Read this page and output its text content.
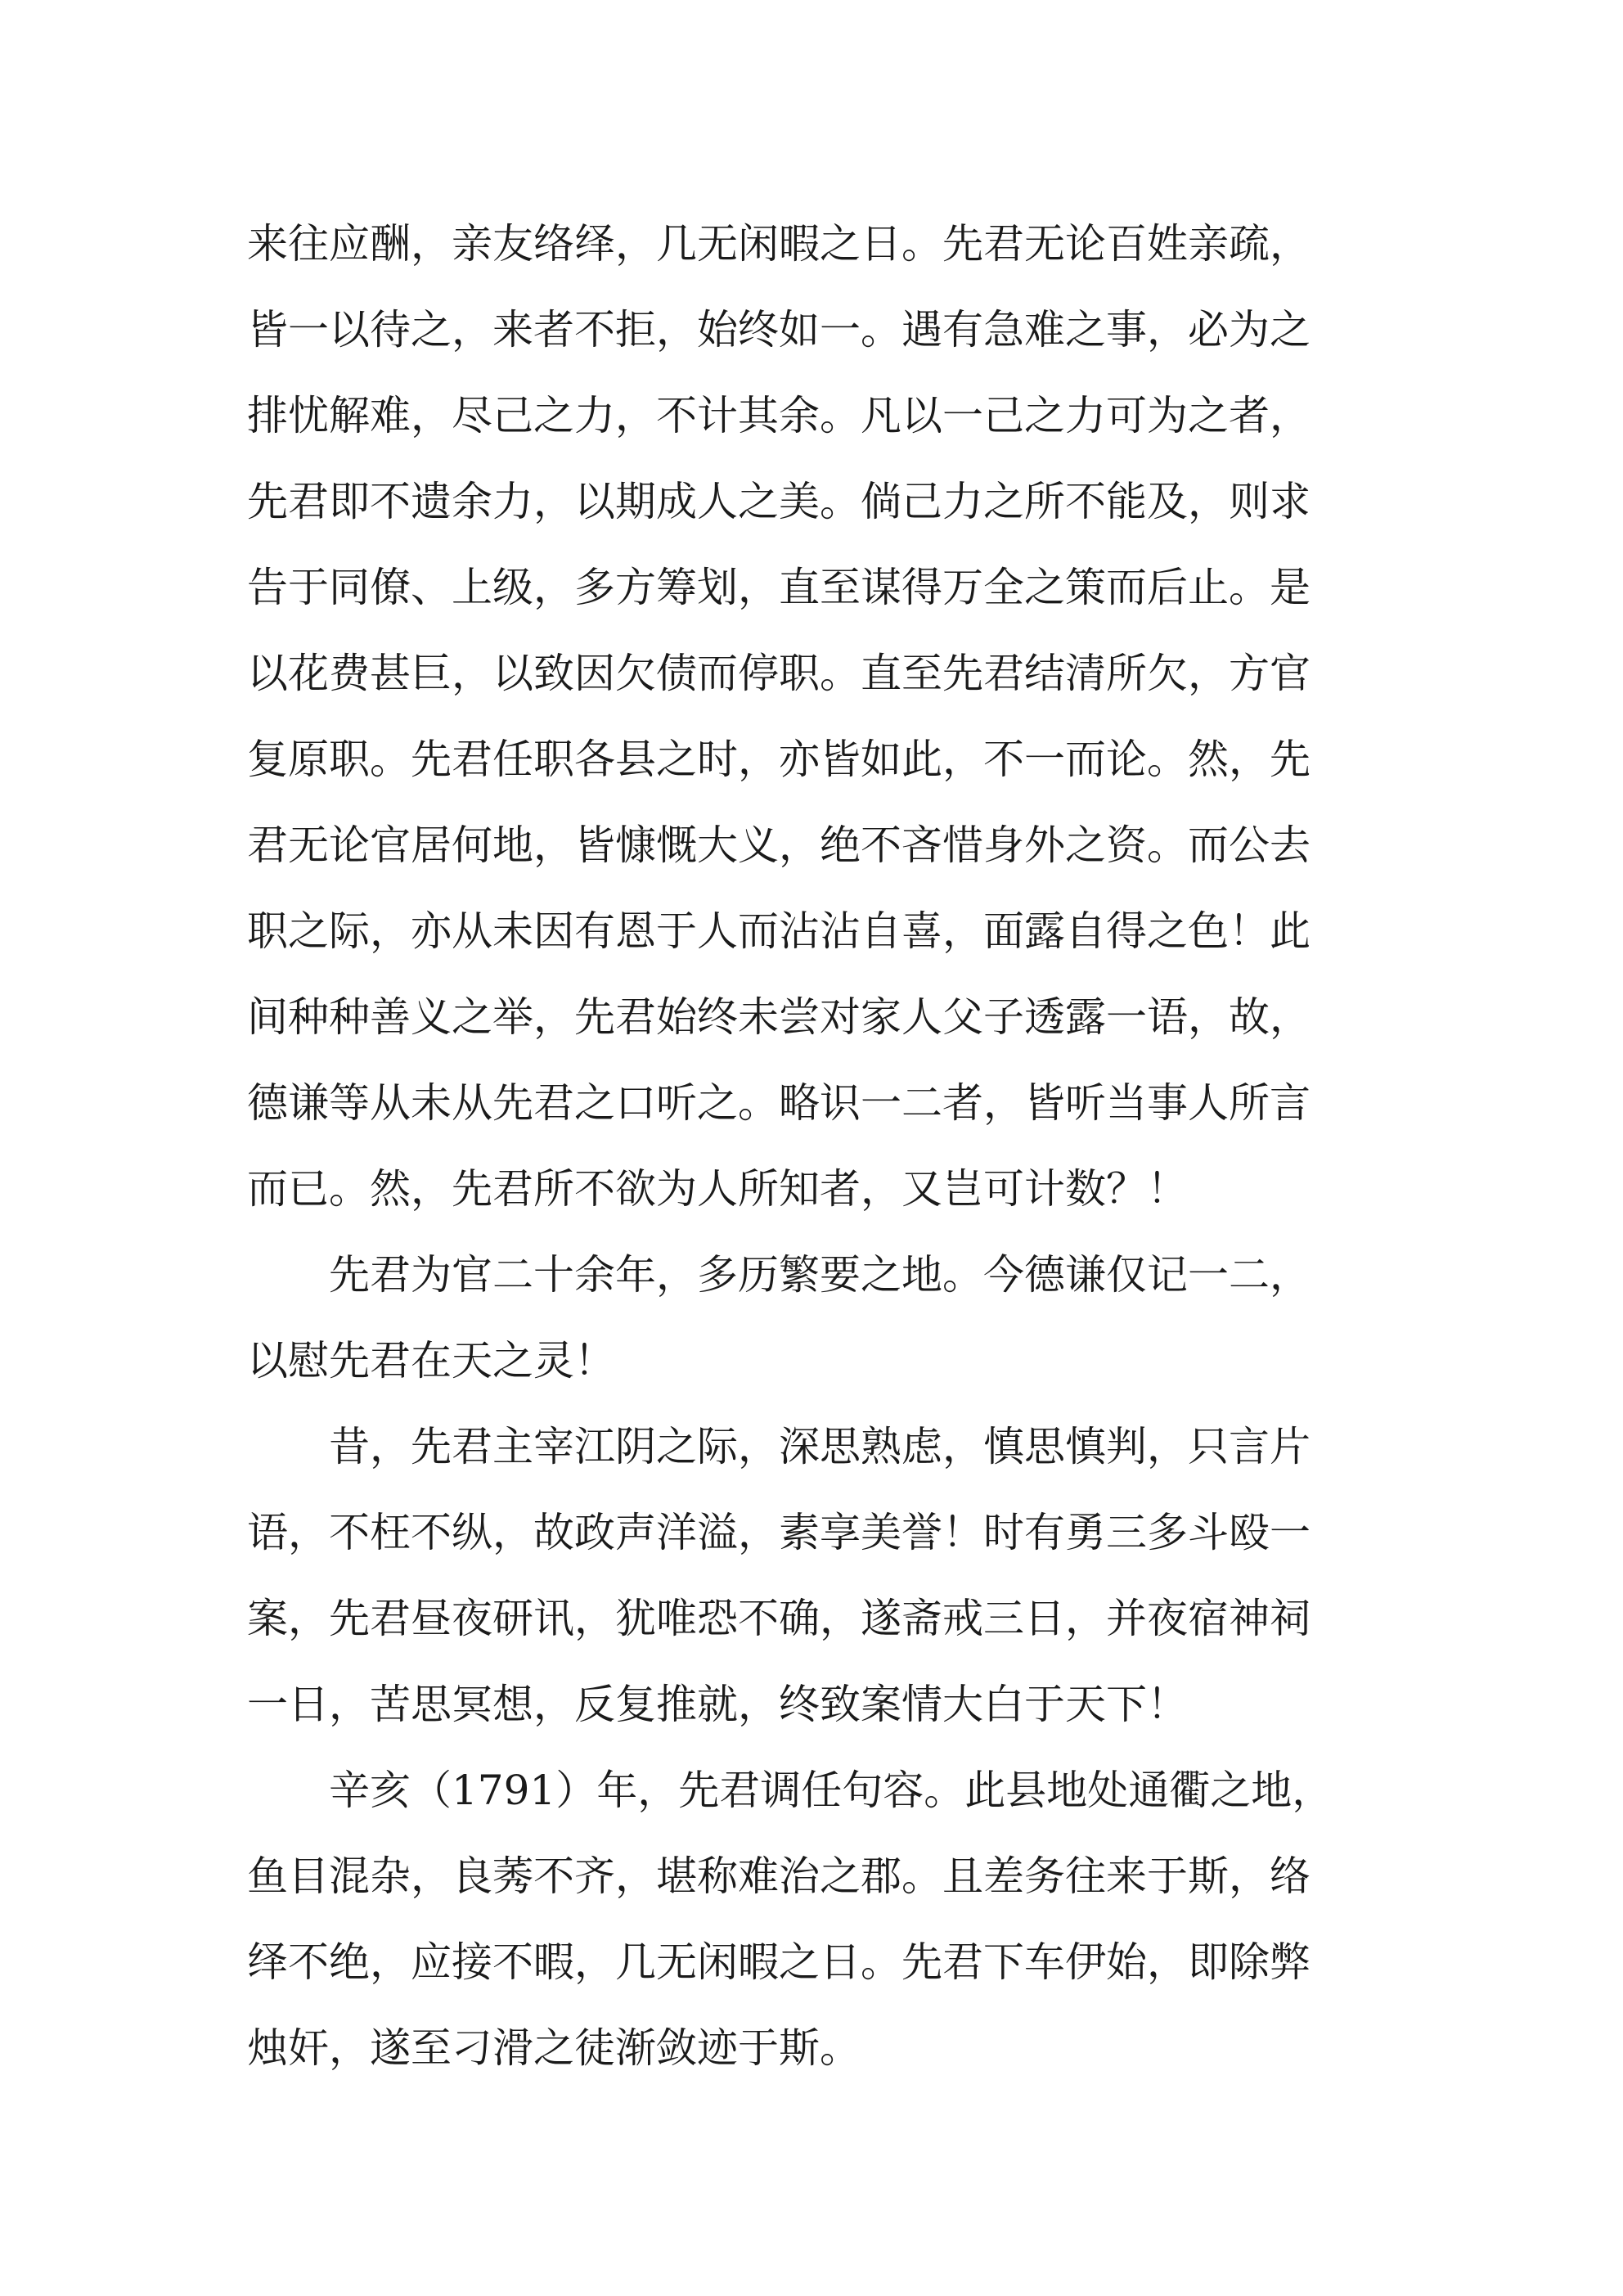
来往应酬，亲友络绎，几无闲暇之日。先君无论百姓亲疏，
皆一以待之，来者不拒，始终如一。遇有急难之事，必为之
排忧解难，尽己之力，不计其余。凡以一己之力可为之者，
先君即不遗余力，以期成人之美。倘己力之所不能及，则求
告于同僚、上级，多方筹划，直至谋得万全之策而后止。是
以花费甚巨，以致因欠债而停职。直至先君结清所欠，方官
复原职。先君任职各县之时，亦皆如此，不一而论。然，先
君无论官居何地，皆慷慨大义，绝不吝惜身外之资。而公去
职之际，亦从未因有恩于人而沾沾自喜，面露自得之色！此
间种种善义之举，先君始终未尝对家人父子透露一语，故，
德谦等从未从先君之口听之。略识一二者，皆听当事人所言
而已。然，先君所不欲为人所知者，又岂可计数？！
　　先君为官二十余年，多历繁要之地。今德谦仅记一二，
以慰先君在天之灵！
　　昔，先君主宰江阴之际，深思熟虑，慎思慎判，只言片
语，不枉不纵，故政声洋溢，素享美誉！时有勇三多斗殴一
案，先君昼夜研讯，犹唯恐不确，遂斋戒三日，并夜宿神祠
一日，苦思冥想，反复推就，终致案情大白于天下！
　　辛亥（1791）年，先君调任句容。此县地处通衢之地，
鱼目混杂，良莠不齐，堪称难治之郡。且差务往来于斯，络
绎不绝，应接不暇，几无闲暇之日。先君下车伊始，即除弊
烛奸，遂至刁滑之徒渐敛迹于斯。
